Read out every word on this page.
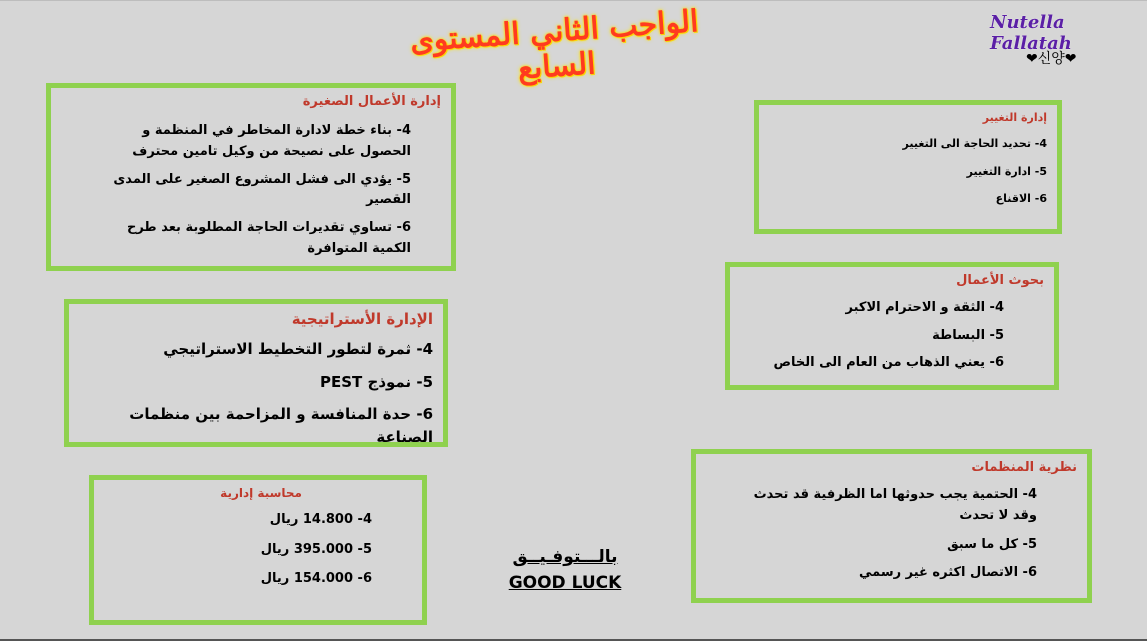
الواجب الثاني المستوى السابع
Nutella Fallatah
❤신양❤
إدارة الأعمال الصغيرة
4- بناء خطة لادارة المخاطر في المنظمة و الحصول على نصيحة من وكيل تامين محترف
5- يؤدي الى فشل المشروع الصغير على المدى القصير
6- تساوي تقديرات الحاجة المطلوبة بعد طرح الكمية المتوافرة
الإدارة الأستراتيجية
4- ثمرة لتطور التخطيط الاستراتيجي
5- نموذج PEST
6- حدة المنافسة و المزاحمة بين منظمات الصناعة
محاسبة إدارية
4- 14.800 ريال
5- 395.000 ريال
6- 154.000 ريال
إدارة التغيير
4- تحديد الحاجة الى التغيير
5- ادارة التغيير
6- الاقناع
بحوث الأعمال
4- الثقة و الاحترام الاكبر
5- البساطة
6- يعني الذهاب من العام الى الخاص
نظرية المنظمات
4- الحتمية يجب حدوثها اما الظرفية قد تحدث وقد لا تحدث
5- كل ما سبق
6- الاتصال اكثره غير رسمي
بالـــتوفـيــق
GOOD LUCK
